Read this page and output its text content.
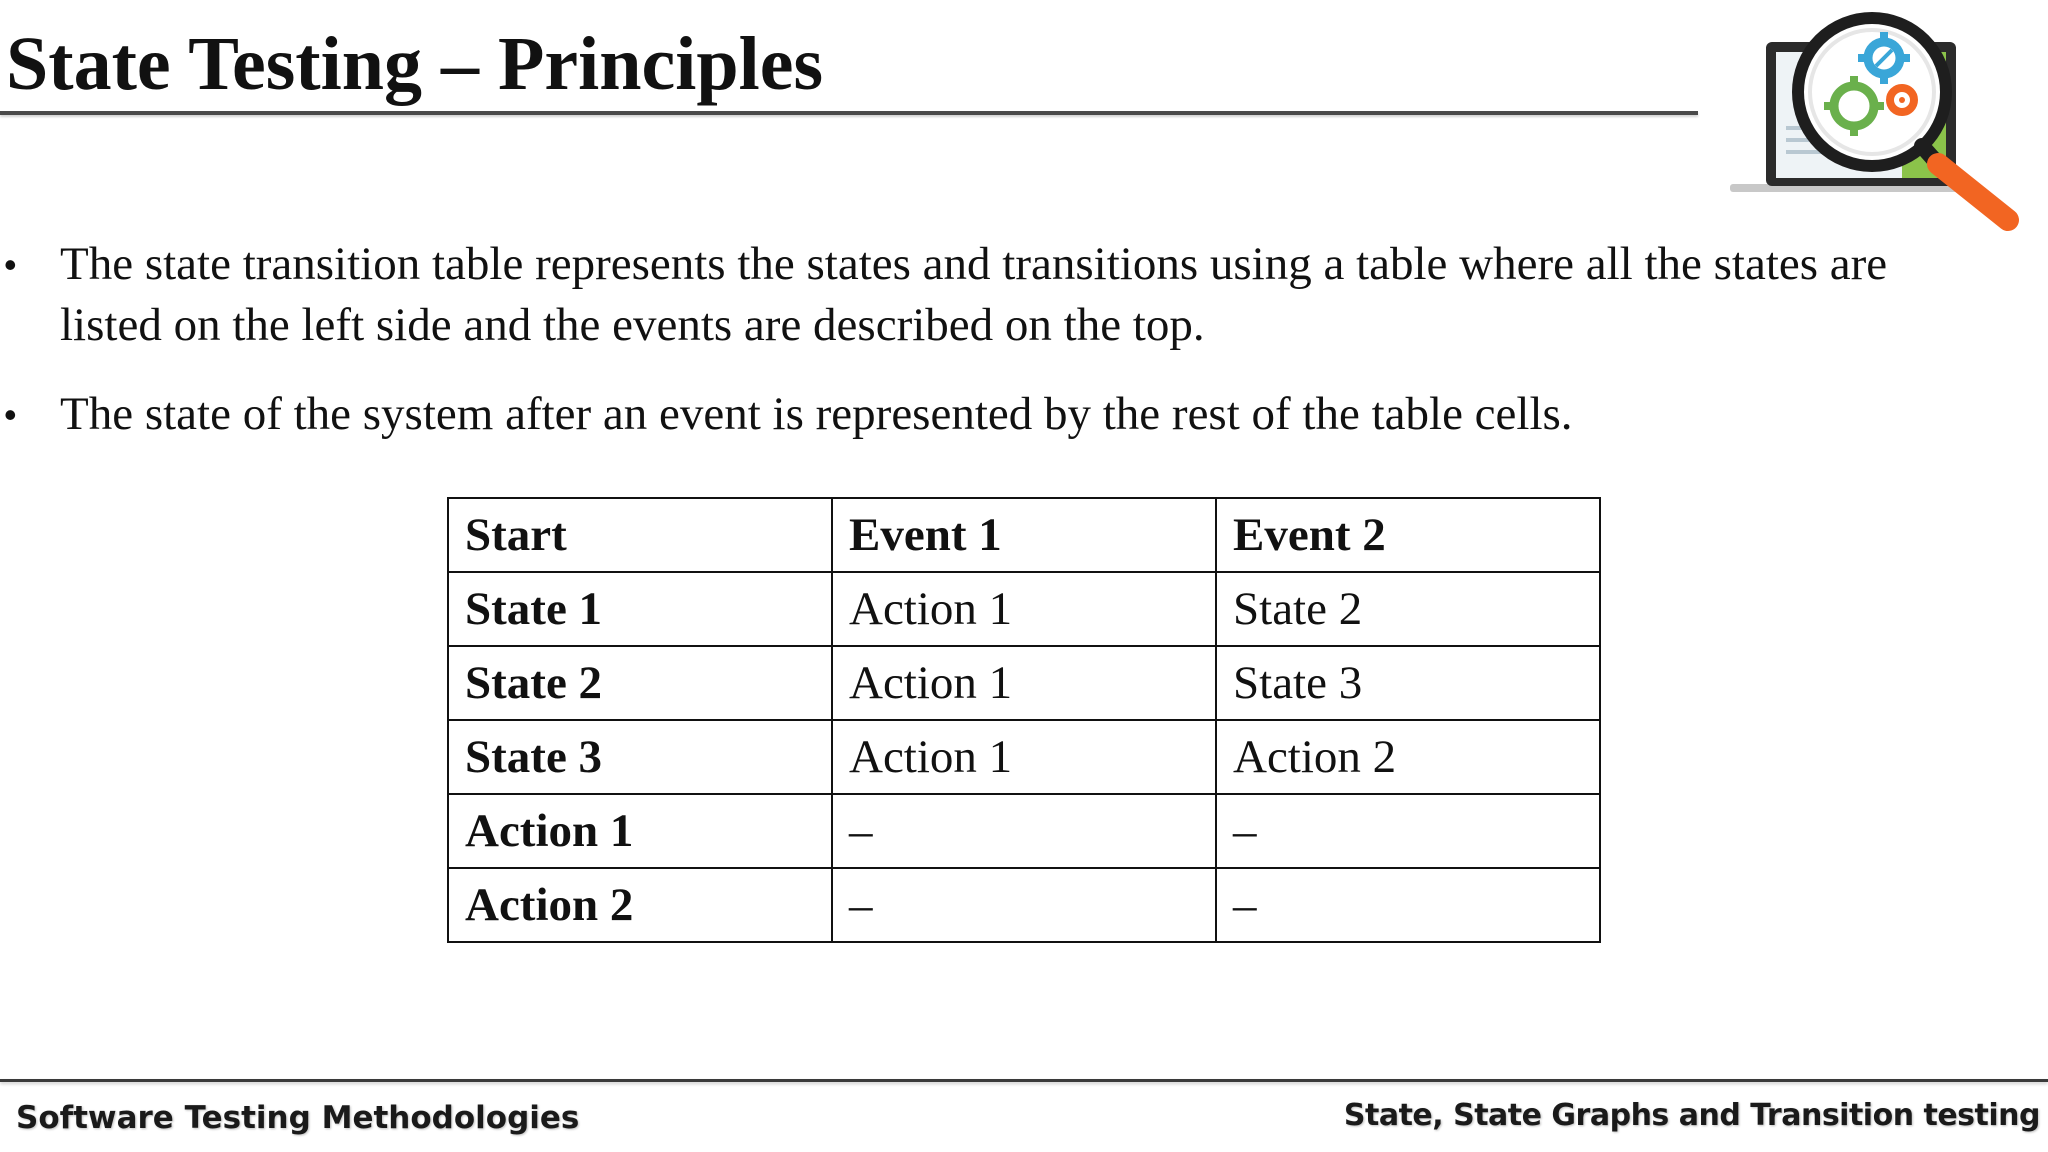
State Testing – Principles
• The state transition table represents the states and transitions using a table where all the states are listed on the left side and the events are described on the top.
• The state of the system after an event is represented by the rest of the table cells.
Start	Event 1	Event 2
State 1	Action 1	State 2
State 2	Action 1	State 3
State 3	Action 1	Action 2
Action 1	–	–
Action 2	–	–
Software Testing Methodologies	State, State Graphs and Transition testing
